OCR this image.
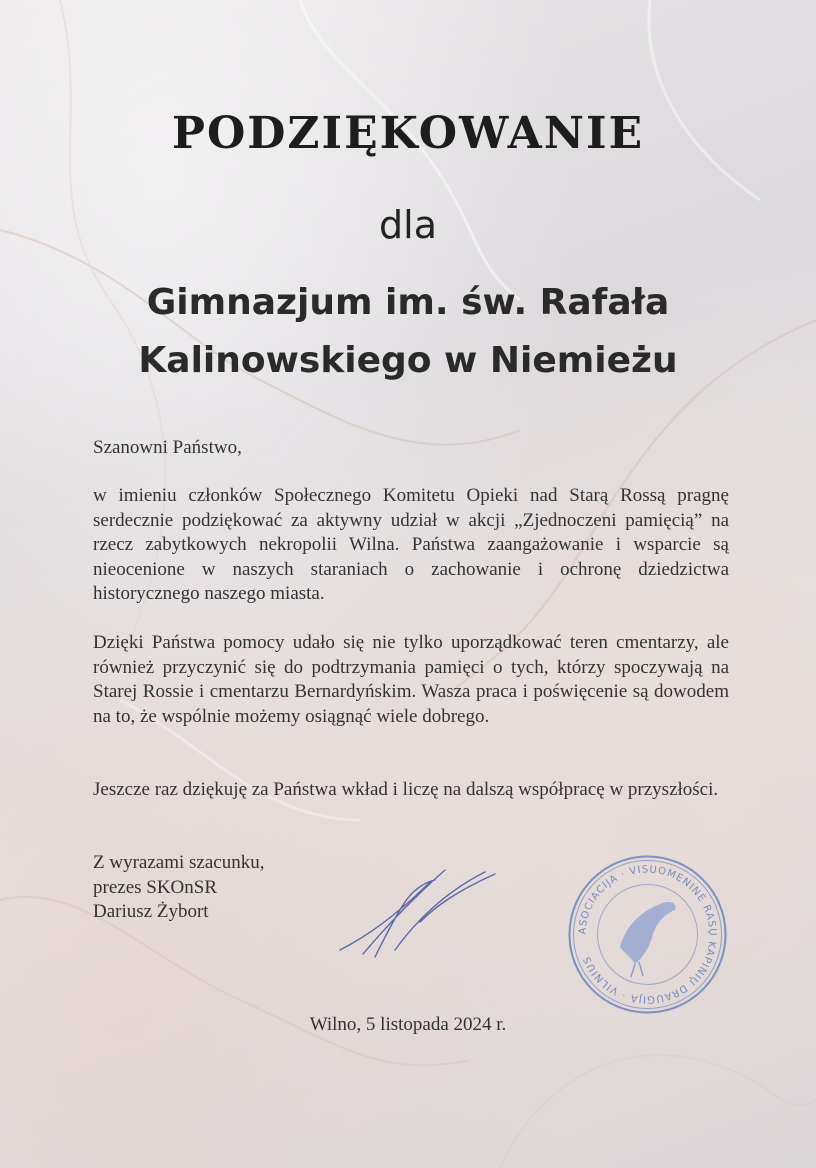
PODZIĘKOWANIE
dla
Gimnazjum im. św. Rafała
Kalinowskiego w Niemieżu
Szanowni Państwo,
w imieniu członków Społecznego Komitetu Opieki nad Starą Rossą pragnę serdecznie podziękować za aktywny udział w akcji „Zjednoczeni pamięcią” na rzecz zabytkowych nekropolii Wilna. Państwa zaangażowanie i wsparcie są nieocenione w naszych staraniach o zachowanie i ochronę dziedzictwa historycznego naszego miasta.
Dzięki Państwa pomocy udało się nie tylko uporządkować teren cmentarzy, ale również przyczynić się do podtrzymania pamięci o tych, którzy spoczywają na Starej Rossie i cmentarzu Bernardyńskim. Wasza praca i poświęcenie są dowodem na to, że wspólnie możemy osiągnąć wiele dobrego.
Jeszcze raz dziękuję za Państwa wkład i liczę na dalszą współpracę w przyszłości.
Z wyrazami szacunku,
prezes SKOnSR
Dariusz Żybort
ASOCIACIJA · VISUOMENINĖ RASŲ KAPINIŲ DRAUGIJA · VILNIUS
Wilno, 5 listopada 2024 r.
